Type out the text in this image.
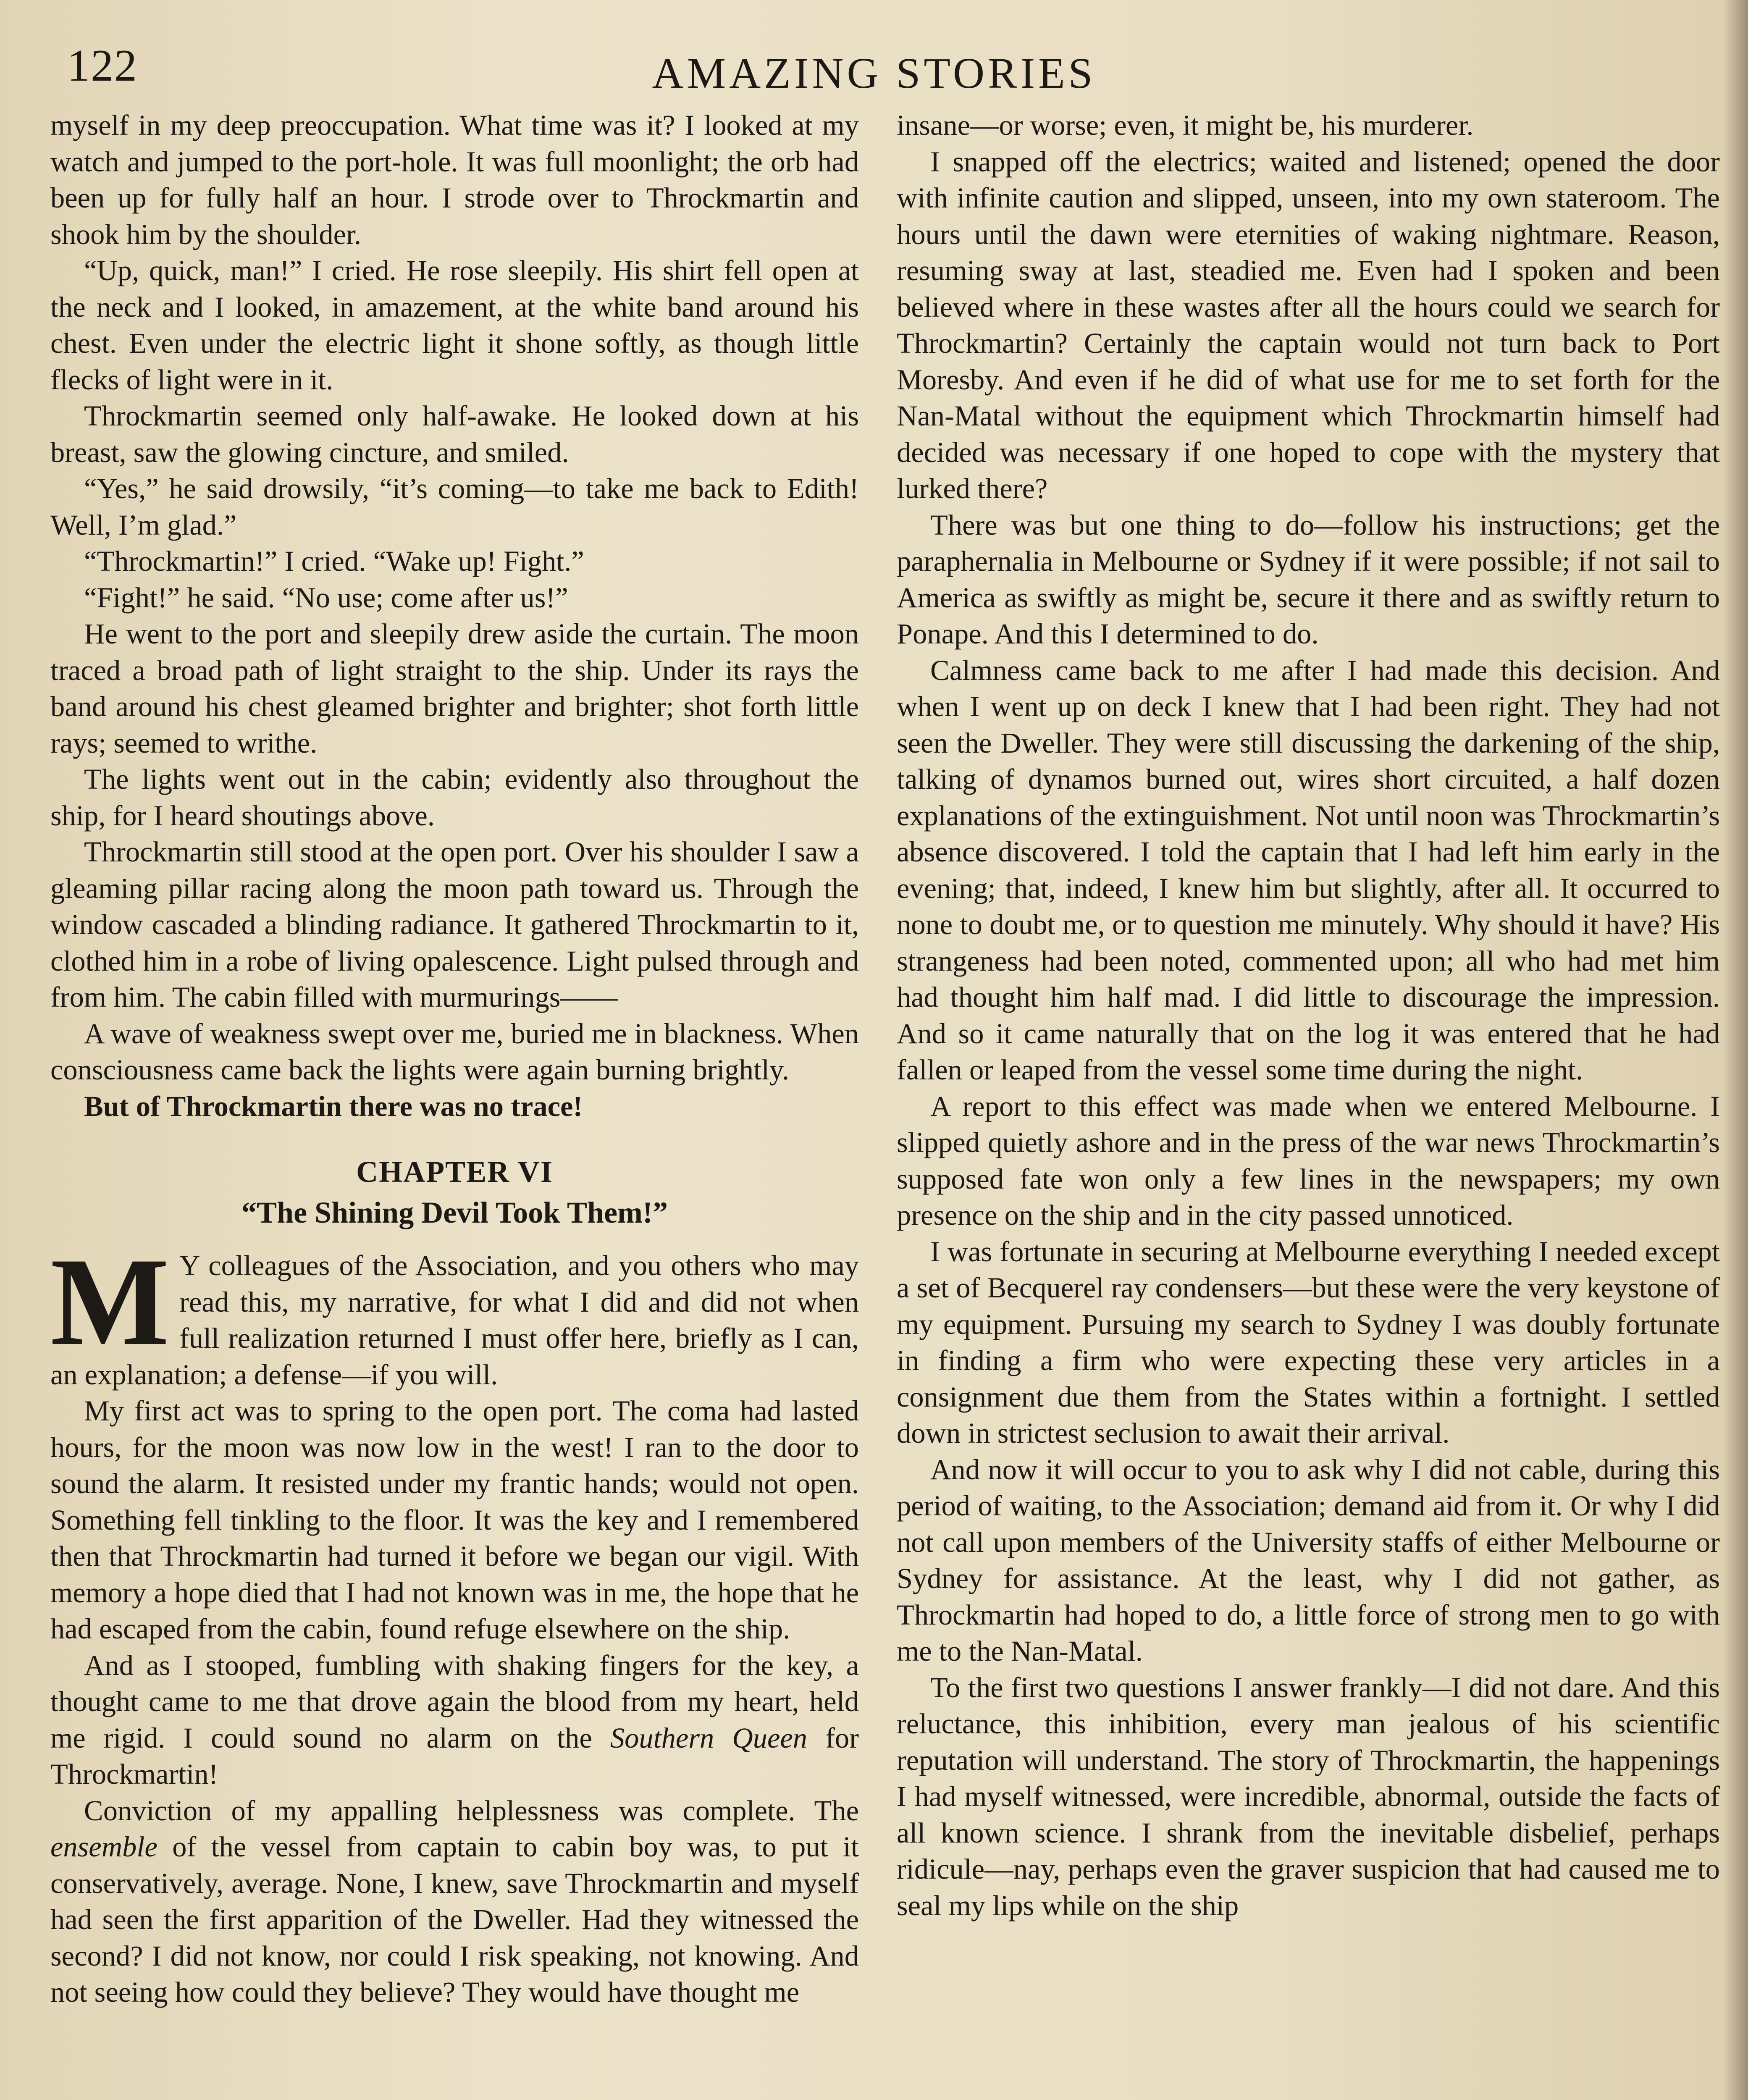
122	AMAZING STORIES

myself in my deep preoccupation. What time was it? I looked at my watch and jumped to the port-hole. It was full moonlight; the orb had been up for fully half an hour. I strode over to Throckmartin and shook him by the shoulder.

“Up, quick, man!” I cried. He rose sleepily. His shirt fell open at the neck and I looked, in amazement, at the white band around his chest. Even under the electric light it shone softly, as though little flecks of light were in it.

Throckmartin seemed only half-awake. He looked down at his breast, saw the glowing cincture, and smiled.

“Yes,” he said drowsily, “it’s coming—to take me back to Edith! Well, I’m glad.”

“Throckmartin!” I cried. “Wake up! Fight.”

“Fight!” he said. “No use; come after us!”

He went to the port and sleepily drew aside the curtain. The moon traced a broad path of light straight to the ship. Under its rays the band around his chest gleamed brighter and brighter; shot forth little rays; seemed to writhe.

The lights went out in the cabin; evidently also throughout the ship, for I heard shoutings above.

Throckmartin still stood at the open port. Over his shoulder I saw a gleaming pillar racing along the moon path toward us. Through the window cascaded a blinding radiance. It gathered Throckmartin to it, clothed him in a robe of living opalescence. Light pulsed through and from him. The cabin filled with murmurings——

A wave of weakness swept over me, buried me in blackness. When consciousness came back the lights were again burning brightly.

But of Throckmartin there was no trace!

CHAPTER VI
“The Shining Devil Took Them!”

M Y colleagues of the Association, and you others who may read this, my narrative, for what I did and did not when full realization returned I must offer here, briefly as I can, an explanation; a defense—if you will.

My first act was to spring to the open port. The coma had lasted hours, for the moon was now low in the west! I ran to the door to sound the alarm. It resisted under my frantic hands; would not open. Something fell tinkling to the floor. It was the key and I remembered then that Throckmartin had turned it before we began our vigil. With memory a hope died that I had not known was in me, the hope that he had escaped from the cabin, found refuge elsewhere on the ship.

And as I stooped, fumbling with shaking fingers for the key, a thought came to me that drove again the blood from my heart, held me rigid. I could sound no alarm on the Southern Queen for Throckmartin!

Conviction of my appalling helplessness was complete. The ensemble of the vessel from captain to cabin boy was, to put it conservatively, average. None, I knew, save Throckmartin and myself had seen the first apparition of the Dweller. Had they witnessed the second? I did not know, nor could I risk speaking, not knowing. And not seeing how could they believe? They would have thought me

insane—or worse; even, it might be, his murderer.

I snapped off the electrics; waited and listened; opened the door with infinite caution and slipped, unseen, into my own stateroom. The hours until the dawn were eternities of waking nightmare. Reason, resuming sway at last, steadied me. Even had I spoken and been believed where in these wastes after all the hours could we search for Throckmartin? Certainly the captain would not turn back to Port Moresby. And even if he did of what use for me to set forth for the Nan-Matal without the equipment which Throckmartin himself had decided was necessary if one hoped to cope with the mystery that lurked there?

There was but one thing to do—follow his instructions; get the paraphernalia in Melbourne or Sydney if it were possible; if not sail to America as swiftly as might be, secure it there and as swiftly return to Ponape. And this I determined to do.

Calmness came back to me after I had made this decision. And when I went up on deck I knew that I had been right. They had not seen the Dweller. They were still discussing the darkening of the ship, talking of dynamos burned out, wires short circuited, a half dozen explanations of the extinguishment. Not until noon was Throckmartin’s absence discovered. I told the captain that I had left him early in the evening; that, indeed, I knew him but slightly, after all. It occurred to none to doubt me, or to question me minutely. Why should it have? His strangeness had been noted, commented upon; all who had met him had thought him half mad. I did little to discourage the impression. And so it came naturally that on the log it was entered that he had fallen or leaped from the vessel some time during the night.

A report to this effect was made when we entered Melbourne. I slipped quietly ashore and in the press of the war news Throckmartin’s supposed fate won only a few lines in the newspapers; my own presence on the ship and in the city passed unnoticed.

I was fortunate in securing at Melbourne everything I needed except a set of Becquerel ray condensers—but these were the very keystone of my equipment. Pursuing my search to Sydney I was doubly fortunate in finding a firm who were expecting these very articles in a consignment due them from the States within a fortnight. I settled down in strictest seclusion to await their arrival.

And now it will occur to you to ask why I did not cable, during this period of waiting, to the Association; demand aid from it. Or why I did not call upon members of the University staffs of either Melbourne or Sydney for assistance. At the least, why I did not gather, as Throckmartin had hoped to do, a little force of strong men to go with me to the Nan-Matal.

To the first two questions I answer frankly—I did not dare. And this reluctance, this inhibition, every man jealous of his scientific reputation will understand. The story of Throckmartin, the happenings I had myself witnessed, were incredible, abnormal, outside the facts of all known science. I shrank from the inevitable disbelief, perhaps ridicule—nay, perhaps even the graver suspicion that had caused me to seal my lips while on the ship
